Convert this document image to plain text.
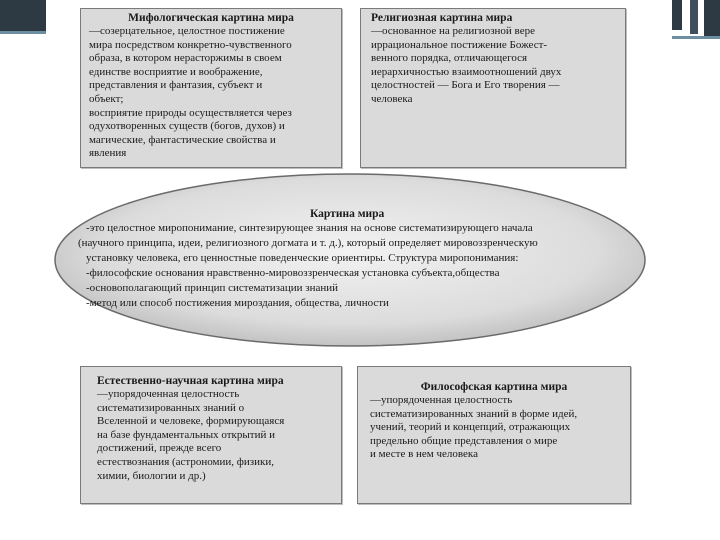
Мифологическая картина мира
—созерцательное, целостное постижение
мира посредством конкретно-чувственного
образа, в котором нерасторжимы в своем
единстве восприятие и воображение,
представления и фантазия, субъект и
объект;
восприятие природы осуществляется через
одухотворенных существ (богов, духов) и
магические, фантастические свойства и
явления
Религиозная картина мира
—основанное на религиозной вере
иррациональное постижение Божест-
венного порядка, отличающегося
иерархичностью взаимоотношений двух
целостностей — Бога и Его творения —
человека
Картина мира
-это целостное миропонимание, синтезирующее знания на основе систематизирующего начала
(научного принципа, идеи, религиозного догмата и т. д.), который определяет мировоззренческую
установку человека, его ценностные поведенческие ориентиры. Структура миропонимания:
-философские основания нравственно-мировоззренческая установка субъекта,общества
-основополагающий принцип систематизации знаний
-метод или способ постижения мироздания, общества, личности
Естественно-научная картина мира
—упорядоченная целостность
систематизированных знаний о
Вселенной и человеке, формирующаяся
на базе фундаментальных открытий и
достижений, прежде всего
естествознания (астрономии, физики,
химии, биологии и др.)
Философская картина мира
—упорядоченная целостность
систематизированных знаний в форме идей,
учений, теорий и концепций, отражающих
предельно общие представления о мире
и месте в нем человека
